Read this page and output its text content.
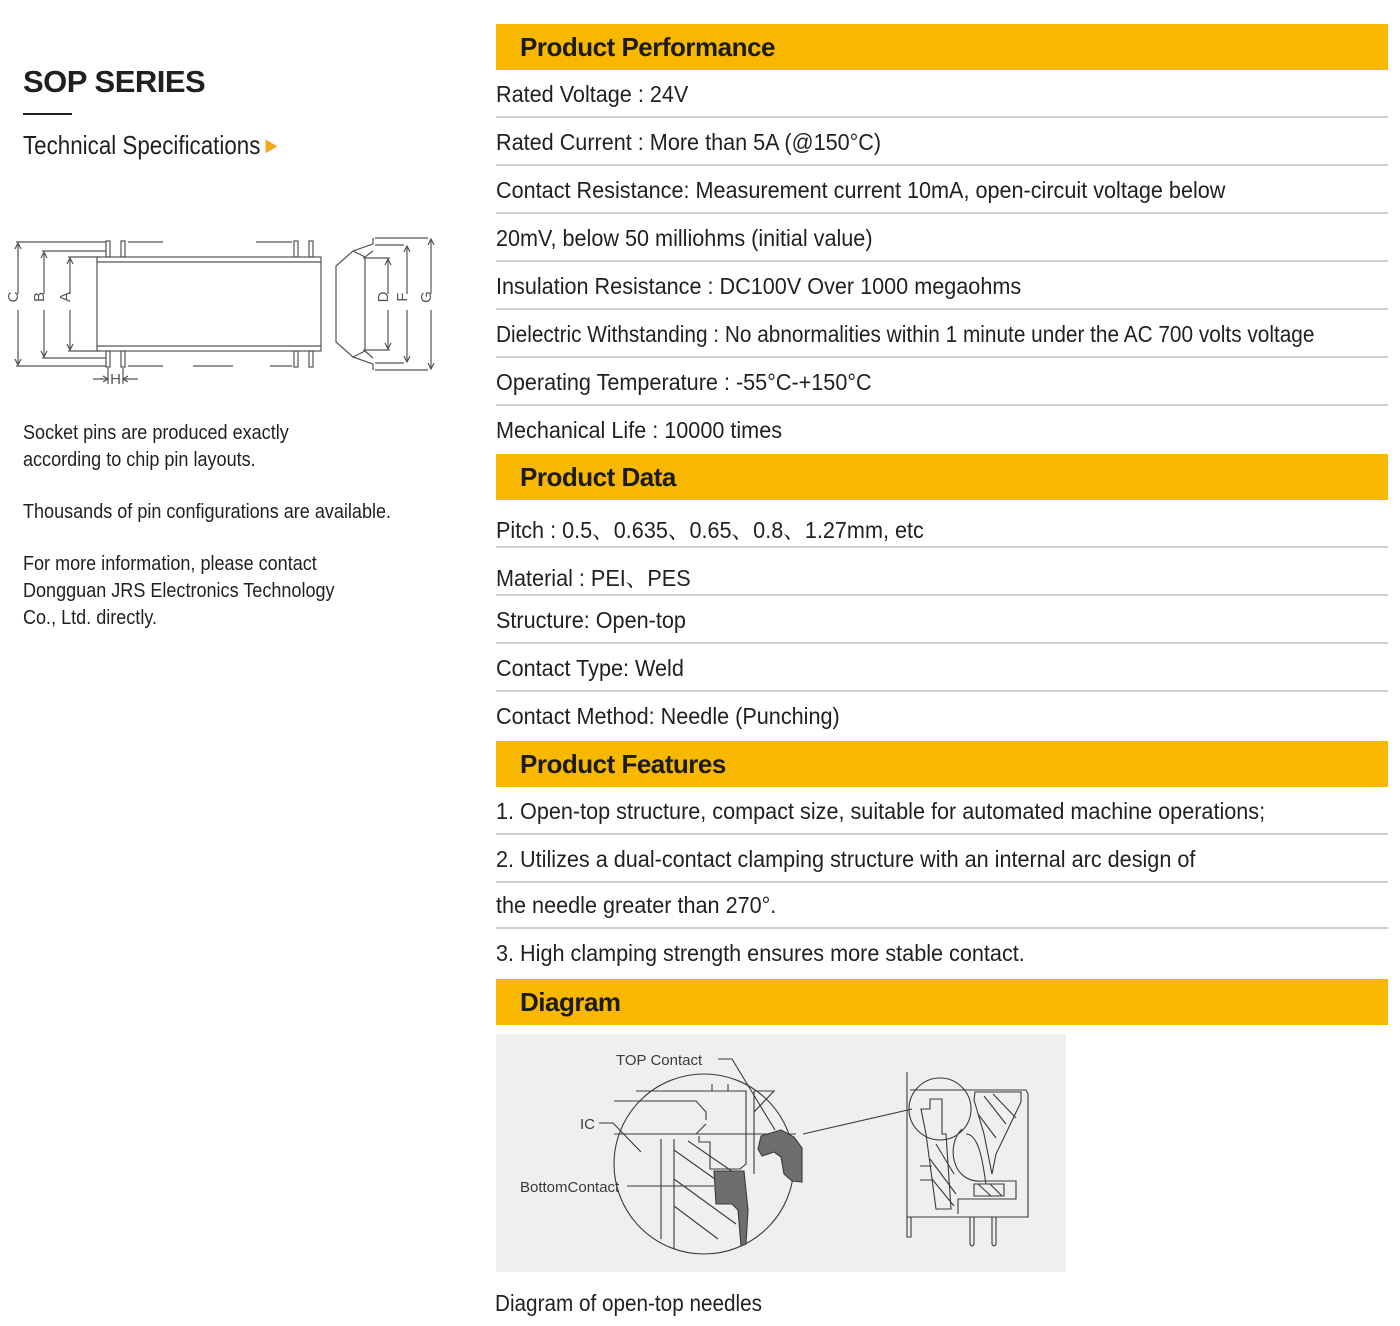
SOP SERIES
Technical Specifications ▶
C B A
H
D F G

Socket pins are produced exactly
according to chip pin layouts.

Thousands of pin configurations are available.

For more information, please contact
Dongguan JRS Electronics Technology
Co., Ltd. directly.

Product Performance
Rated Voltage : 24V
Rated Current : More than 5A (@150°C)
Contact Resistance: Measurement current 10mA, open-circuit voltage below
20mV, below 50 milliohms (initial value)
Insulation Resistance : DC100V Over 1000 megaohms
Dielectric Withstanding : No abnormalities within 1 minute under the AC 700 volts voltage
Operating Temperature : -55°C-+150°C
Mechanical Life : 10000 times
Product Data
Pitch : 0.5、0.635、0.65、0.8、1.27mm, etc
Material : PEI、PES
Structure: Open-top
Contact Type: Weld
Contact Method: Needle (Punching)
Product Features
1. Open-top structure, compact size, suitable for automated machine operations;
2. Utilizes a dual-contact clamping structure with an internal arc design of
the needle greater than 270°.
3. High clamping strength ensures more stable contact.
Diagram
TOP Contact
IC
BottomContact
Diagram of open-top needles
